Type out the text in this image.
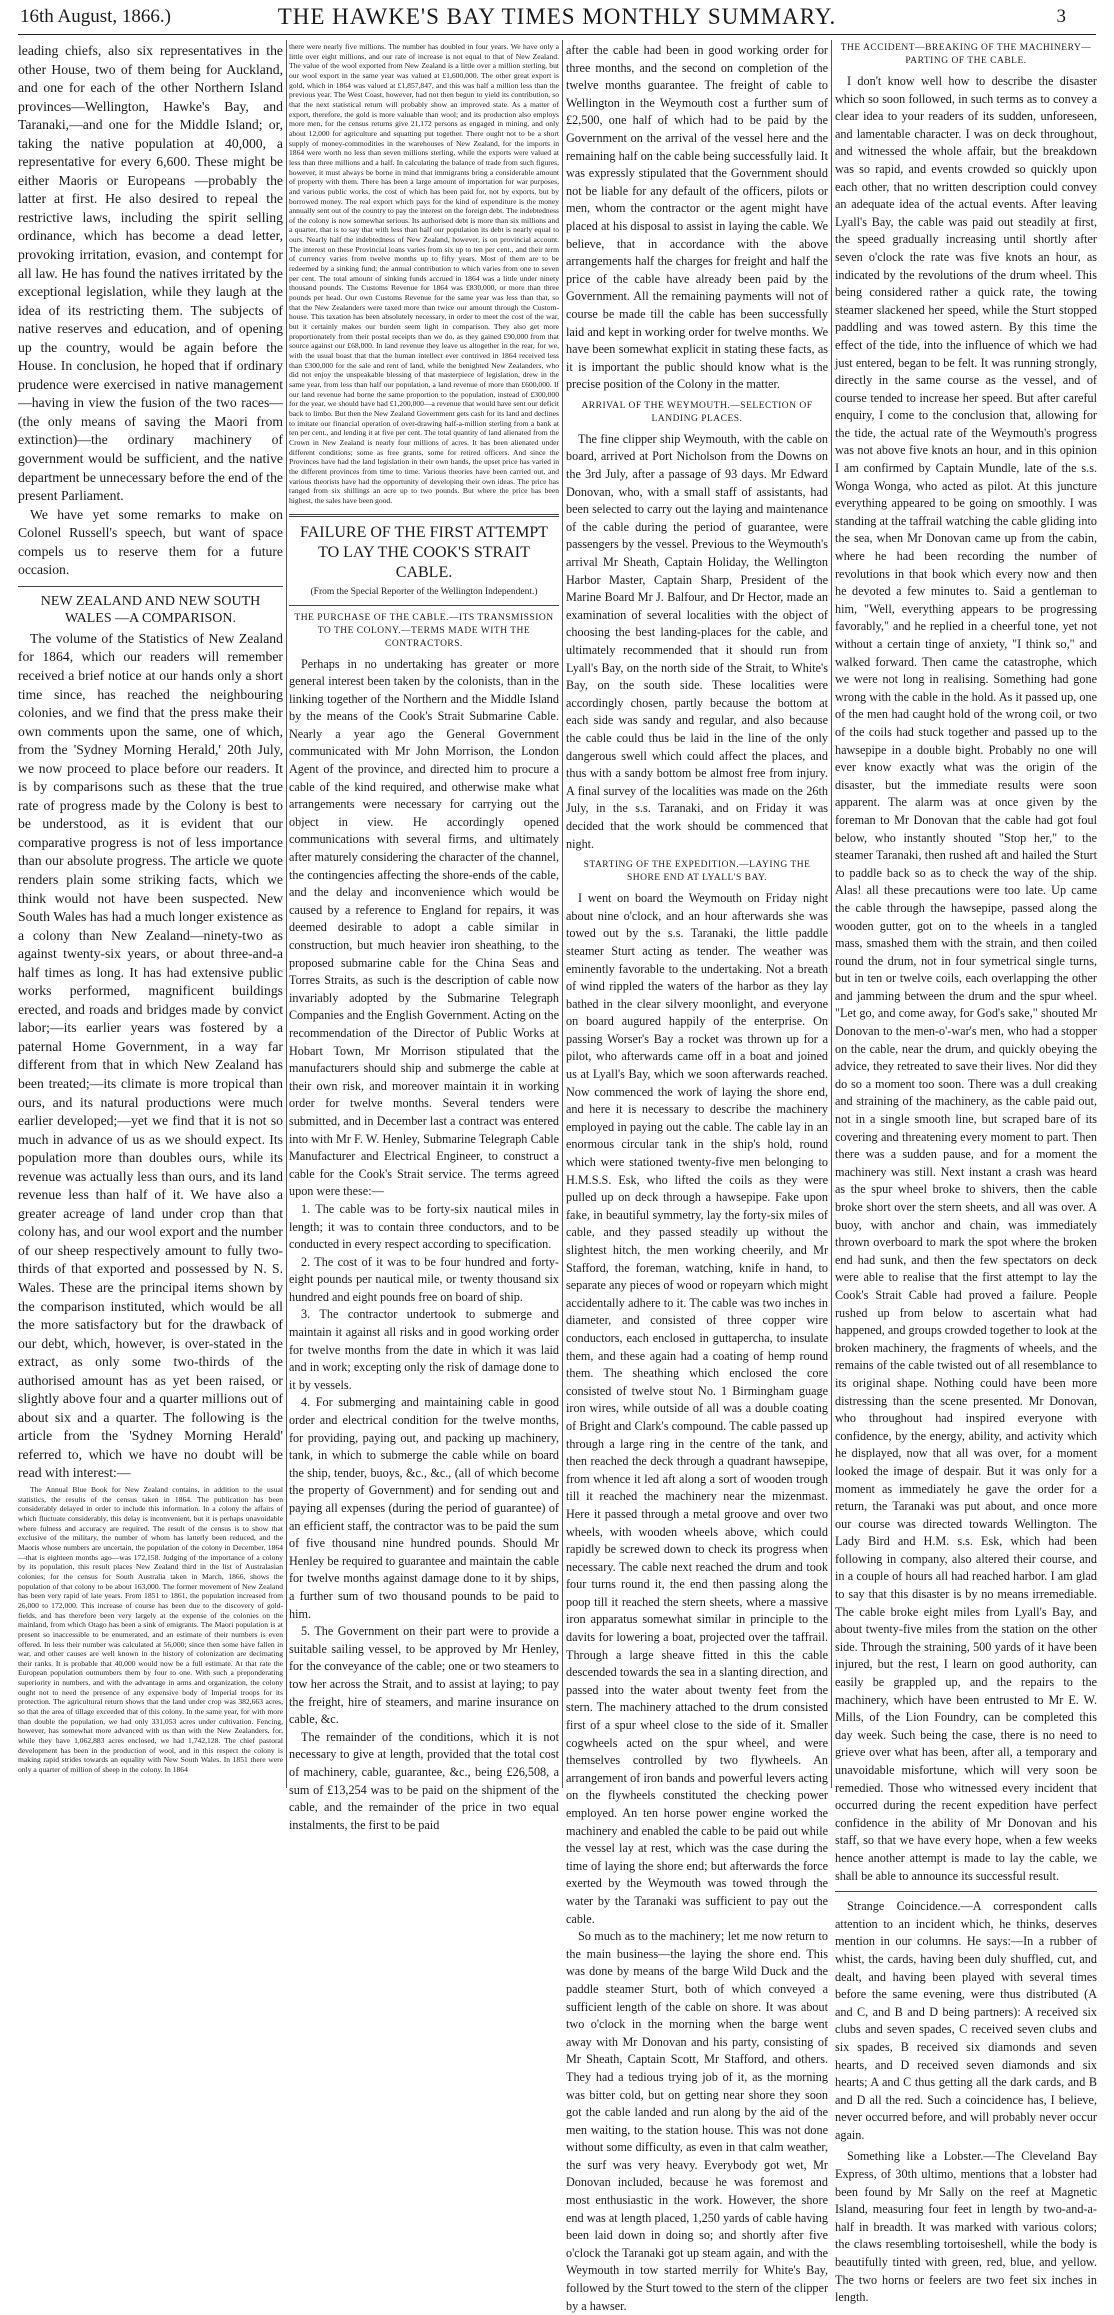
16th August, 1866.)	THE HAWKE'S BAY TIMES MONTHLY SUMMARY.	3

leading chiefs, also six representatives in the other House, two of them being for Auckland, and one for each of the other Northern Island provinces—Wellington, Hawke's Bay, and Taranaki,—and one for the Middle Island; or, taking the native population at 40,000, a representative for every 6,600. These might be either Maoris or Europeans —probably the latter at first. He also desired to repeal the restrictive laws, including the spirit selling ordinance, which has become a dead letter, provoking irritation, evasion, and contempt for all law. He has found the natives irritated by the exceptional legislation, while they laugh at the idea of its restricting them. The subjects of native reserves and education, and of opening up the country, would be again before the House. In conclusion, he hoped that if ordinary prudence were exercised in native management—having in view the fusion of the two races—(the only means of saving the Maori from extinction)—the ordinary machinery of government would be sufficient, and the native department be unnecessary before the end of the present Parliament.

We have yet some remarks to make on Colonel Russell's speech, but want of space compels us to reserve them for a future occasion.

NEW ZEALAND AND NEW SOUTH WALES —A COMPARISON.

The volume of the Statistics of New Zealand for 1864, which our readers will remember received a brief notice at our hands only a short time since, has reached the neighbouring colonies, and we find that the press make their own comments upon the same, one of which, from the 'Sydney Morning Herald,' 20th July, we now proceed to place before our readers. It is by comparisons such as these that the true rate of progress made by the Colony is best to be understood, as it is evident that our comparative progress is not of less importance than our absolute progress. The article we quote renders plain some striking facts, which we think would not have been suspected. New South Wales has had a much longer existence as a colony than New Zealand—ninety-two as against twenty-six years, or about three-and-a half times as long. It has had extensive public works performed, magnificent buildings erected, and roads and bridges made by convict labor;—its earlier years was fostered by a paternal Home Government, in a way far different from that in which New Zealand has been treated;—its climate is more tropical than ours, and its natural productions were much earlier developed;—yet we find that it is not so much in advance of us as we should expect. Its population more than doubles ours, while its revenue was actually less than ours, and its land revenue less than half of it. We have also a greater acreage of land under crop than that colony has, and our wool export and the number of our sheep respectively amount to fully two-thirds of that exported and possessed by N. S. Wales. These are the principal items shown by the comparison instituted, which would be all the more satisfactory but for the drawback of our debt, which, however, is over-stated in the extract, as only some two-thirds of the authorised amount has as yet been raised, or slightly above four and a quarter millions out of about six and a quarter. The following is the article from the 'Sydney Morning Herald' referred to, which we have no doubt will be read with interest:—

The Annual Blue Book for New Zealand contains, in addition to the usual statistics, the results of the census taken in 1864. The publication has been considerably delayed in order to include this information. In a colony the affairs of which fluctuate considerably, this delay is inconvenient, but it is perhaps unavoidable where fulness and accuracy are required. The result of the census is to show that exclusive of the military, the number of whom has latterly been reduced, and the Maoris whose numbers are uncertain, the population of the colony in December, 1864—that is eighteen months ago—was 172,158. Judging of the importance of a colony by its population, this result places New Zealand third in the list of Australasian colonies; for the census for South Australia taken in March, 1866, shows the population of that colony to be about 163,000. The former movement of New Zealand has been very rapid of late years. From 1851 to 1861, the population increased from 26,000 to 172,000. This increase of course has been due to the discovery of gold-fields, and has therefore been very largely at the expense of the colonies on the mainland, from which Otago has been a sink of emigrants. The Maori population is at present so inaccessible to be enumerated, and an estimate of their numbers is even offered. In less their number was calculated at 56,000; since then some have fallen in war, and other causes are well known in the history of colonization are decimating their ranks. It is probable that 40,000 would now be a full estimate. At that rate the European population outnumbers them by four to one. With such a preponderating superiority in numbers, and with the advantage in arms and organization, the colony ought not to need the presence of any expensive body of Imperial troops for its protection. The agricultural return shows that the land under crop was 382,663 acres, so that the area of tillage exceeded that of this colony. In the same year, for with more than double the population, we had only 331,053 acres under cultivation. Fencing, however, has somewhat more advanced with us than with the New Zealanders, for, while they have 1,062,883 acres enclosed, we had 1,742,128. The chief pastoral development has been in the production of wool, and in this respect the colony is making rapid strides towards an equality with New South Wales. In 1851 there were only a quarter of million of sheep in the colony. In 1864

there were nearly five millions. The number has doubled in four years. We have only a little over eight millions, and our rate of increase is not equal to that of New Zealand. The value of the wool exported from New Zealand is a little over a million sterling, but our wool export in the same year was valued at £1,600,000. The other great export is gold, which in 1864 was valued at £1,857,847, and this was half a million less than the previous year. The West Coast, however, had not then begun to yield its contribution, so that the next statistical return will probably show an improved state. As a matter of export, therefore, the gold is more valuable than wool; and its production also employs more men, for the census returns give 21,172 persons as engaged in mining, and only about 12,000 for agriculture and squatting put together. There ought not to be a short supply of money-commodities in the warehouses of New Zealand, for the imports in 1864 were worth no less than seven millions sterling, while the exports were valued at less than three millions and a half. In calculating the balance of trade from such figures, however, it must always be borne in mind that immigrants bring a considerable amount of property with them. There has been a large amount of importation for war purposes, and various public works, the cost of which has been paid for, not by exports, but by borrowed money. The real export which pays for the kind of expenditure is the money annually sent out of the country to pay the interest on the foreign debt. The indebtedness of the colony is now somewhat serious. Its authorised debt is more than six millions and a quarter, that is to say that with less than half our population its debt is nearly equal to ours. Nearly half the indebtedness of New Zealand, however, is on provincial account. The interest on these Provincial loans varies from six up to ten per cent., and their term of currency varies from twelve months up to fifty years. Most of them are to be redeemed by a sinking fund; the annual contribution to which varies from one to seven per cent. The total amount of sinking funds accrued in 1864 was a little under ninety thousand pounds. The Customs Revenue for 1864 was £830,000, or more than three pounds per head. Our own Customs Revenue for the same year was less than that, so that the New Zealanders were taxed more than twice our amount through the Custom-house. This taxation has been absolutely necessary, in order to meet the cost of the war, but it certainly makes our burden seem light in comparison. They also get more proportionately from their postal receipts than we do, as they gained £90,000 from that source against our £68,000. In land revenue they leave us altogether in the rear, for we, with the usual boast that that the human intellect ever contrived in 1864 received less than £300,000 for the sale and rent of land, while the benighted New Zealanders, who did not enjoy the unspeakable blessing of that masterpiece of legislation, drew in the same year, from less than half our population, a land revenue of more than £600,000. If our land revenue had borne the same proportion to the population, instead of £300,000 for the year, we should have had £1,200,000—a revenue that would have sent our deficit back to limbo. But then the New Zealand Government gets cash for its land and declines to imitate our financial operation of over-drawing half-a-million sterling from a bank at ten per cent., and lending it at five per cent. The total quantity of land alienated from the Crown in New Zealand is nearly four millions of acres. It has been alienated under different conditions; some as free grants, some for retired officers. And since the Provinces have had the land legislation in their own hands, the upset price has varied in the different provinces from time to time. Various theories have been carried out, and various theorists have had the opportunity of developing their own ideas. The price has ranged from six shillings an acre up to two pounds. But where the price has been highest, the sales have been good.

FAILURE OF THE FIRST ATTEMPT TO LAY THE COOK'S STRAIT CABLE.
(From the Special Reporter of the Wellington Independent.)
THE PURCHASE OF THE CABLE.—ITS TRANSMISSION TO THE COLONY.—TERMS MADE WITH THE CONTRACTORS.

Perhaps in no undertaking has greater or more general interest been taken by the colonists, than in the linking together of the Northern and the Middle Island by the means of the Cook's Strait Submarine Cable. Nearly a year ago the General Government communicated with Mr John Morrison, the London Agent of the province, and directed him to procure a cable of the kind required, and otherwise make what arrangements were necessary for carrying out the object in view. He accordingly opened communications with several firms, and ultimately after maturely considering the character of the channel, the contingencies affecting the shore-ends of the cable, and the delay and inconvenience which would be caused by a reference to England for repairs, it was deemed desirable to adopt a cable similar in construction, but much heavier iron sheathing, to the proposed submarine cable for the China Seas and Torres Straits, as such is the description of cable now invariably adopted by the Submarine Telegraph Companies and the English Government. Acting on the recommendation of the Director of Public Works at Hobart Town, Mr Morrison stipulated that the manufacturers should ship and submerge the cable at their own risk, and moreover maintain it in working order for twelve months. Several tenders were submitted, and in December last a contract was entered into with Mr F. W. Henley, Submarine Telegraph Cable Manufacturer and Electrical Engineer, to construct a cable for the Cook's Strait service. The terms agreed upon were these:—

1. The cable was to be forty-six nautical miles in length; it was to contain three conductors, and to be conducted in every respect according to specification.

2. The cost of it was to be four hundred and forty-eight pounds per nautical mile, or twenty thousand six hundred and eight pounds free on board of ship.

3. The contractor undertook to submerge and maintain it against all risks and in good working order for twelve months from the date in which it was laid and in work; excepting only the risk of damage done to it by vessels.

4. For submerging and maintaining cable in good order and electrical condition for the twelve months, for providing, paying out, and packing up machinery, tank, in which to submerge the cable while on board the ship, tender, buoys, &c., &c., (all of which become the property of Government) and for sending out and paying all expenses (during the period of guarantee) of an efficient staff, the contractor was to be paid the sum of five thousand nine hundred pounds. Should Mr Henley be required to guarantee and maintain the cable for twelve months against damage done to it by ships, a further sum of two thousand pounds to be paid to him.

5. The Government on their part were to provide a suitable sailing vessel, to be approved by Mr Henley, for the conveyance of the cable; one or two steamers to tow her across the Strait, and to assist at laying; to pay the freight, hire of steamers, and marine insurance on cable, &c.

The remainder of the conditions, which it is not necessary to give at length, provided that the total cost of machinery, cable, guarantee, &c., being £26,508, a sum of £13,254 was to be paid on the shipment of the cable, and the remainder of the price in two equal instalments, the first to be paid

after the cable had been in good working order for three months, and the second on completion of the twelve months guarantee. The freight of cable to Wellington in the Weymouth cost a further sum of £2,500, one half of which had to be paid by the Government on the arrival of the vessel here and the remaining half on the cable being successfully laid. It was expressly stipulated that the Government should not be liable for any default of the officers, pilots or men, whom the contractor or the agent might have placed at his disposal to assist in laying the cable. We believe, that in accordance with the above arrangements half the charges for freight and half the price of the cable have already been paid by the Government. All the remaining payments will not of course be made till the cable has been successfully laid and kept in working order for twelve months. We have been somewhat explicit in stating these facts, as it is important the public should know what is the precise position of the Colony in the matter.

ARRIVAL OF THE WEYMOUTH.—SELECTION OF LANDING PLACES.

The fine clipper ship Weymouth, with the cable on board, arrived at Port Nicholson from the Downs on the 3rd July, after a passage of 93 days. Mr Edward Donovan, who, with a small staff of assistants, had been selected to carry out the laying and maintenance of the cable during the period of guarantee, were passengers by the vessel. Previous to the Weymouth's arrival Mr Sheath, Captain Holiday, the Wellington Harbor Master, Captain Sharp, President of the Marine Board Mr J. Balfour, and Dr Hector, made an examination of several localities with the object of choosing the best landing-places for the cable, and ultimately recommended that it should run from Lyall's Bay, on the north side of the Strait, to White's Bay, on the south side. These localities were accordingly chosen, partly because the bottom at each side was sandy and regular, and also because the cable could thus be laid in the line of the only dangerous swell which could affect the places, and thus with a sandy bottom be almost free from injury. A final survey of the localities was made on the 26th July, in the s.s. Taranaki, and on Friday it was decided that the work should be commenced that night.

STARTING OF THE EXPEDITION.—LAYING THE SHORE END AT LYALL'S BAY.

I went on board the Weymouth on Friday night about nine o'clock, and an hour afterwards she was towed out by the s.s. Taranaki, the little paddle steamer Sturt acting as tender. The weather was eminently favorable to the undertaking. Not a breath of wind rippled the waters of the harbor as they lay bathed in the clear silvery moonlight, and everyone on board augured happily of the enterprise. On passing Worser's Bay a rocket was thrown up for a pilot, who afterwards came off in a boat and joined us at Lyall's Bay, which we soon afterwards reached. Now commenced the work of laying the shore end, and here it is necessary to describe the machinery employed in paying out the cable. The cable lay in an enormous circular tank in the ship's hold, round which were stationed twenty-five men belonging to H.M.S.S. Esk, who lifted the coils as they were pulled up on deck through a hawsepipe. Fake upon fake, in beautiful symmetry, lay the forty-six miles of cable, and they passed steadily up without the slightest hitch, the men working cheerily, and Mr Stafford, the foreman, watching, knife in hand, to separate any pieces of wood or ropeyarn which might accidentally adhere to it. The cable was two inches in diameter, and consisted of three copper wire conductors, each enclosed in guttapercha, to insulate them, and these again had a coating of hemp round them. The sheathing which enclosed the core consisted of twelve stout No. 1 Birmingham guage iron wires, while outside of all was a double coating of Bright and Clark's compound. The cable passed up through a large ring in the centre of the tank, and then reached the deck through a quadrant hawsepipe, from whence it led aft along a sort of wooden trough till it reached the machinery near the mizenmast. Here it passed through a metal groove and over two wheels, with wooden wheels above, which could rapidly be screwed down to check its progress when necessary. The cable next reached the drum and took four turns round it, the end then passing along the poop till it reached the stern sheets, where a massive iron apparatus somewhat similar in principle to the davits for lowering a boat, projected over the taffrail. Through a large sheave fitted in this the cable descended towards the sea in a slanting direction, and passed into the water about twenty feet from the stern. The machinery attached to the drum consisted first of a spur wheel close to the side of it. Smaller cogwheels acted on the spur wheel, and were themselves controlled by two flywheels. An arrangement of iron bands and powerful levers acting on the flywheels constituted the checking power employed. An ten horse power engine worked the machinery and enabled the cable to be paid out while the vessel lay at rest, which was the case during the time of laying the shore end; but afterwards the force exerted by the Weymouth was towed through the water by the Taranaki was sufficient to pay out the cable.

So much as to the machinery; let me now return to the main business—the laying the shore end. This was done by means of the barge Wild Duck and the paddle steamer Sturt, both of which conveyed a sufficient length of the cable on shore. It was about two o'clock in the morning when the barge went away with Mr Donovan and his party, consisting of Mr Sheath, Captain Scott, Mr Stafford, and others. They had a tedious trying job of it, as the morning was bitter cold, but on getting near shore they soon got the cable landed and run along by the aid of the men waiting, to the station house. This was not done without some difficulty, as even in that calm weather, the surf was very heavy. Everybody got wet, Mr Donovan included, because he was foremost and most enthusiastic in the work. However, the shore end was at length placed, 1,250 yards of cable having been laid down in doing so; and shortly after five o'clock the Taranaki got up steam again, and with the Weymouth in tow started merrily for White's Bay, followed by the Sturt towed to the stern of the clipper by a hawser.

THE ACCIDENT—BREAKING OF THE MACHINERY—PARTING OF THE CABLE.

I don't know well how to describe the disaster which so soon followed, in such terms as to convey a clear idea to your readers of its sudden, unforeseen, and lamentable character. I was on deck throughout, and witnessed the whole affair, but the breakdown was so rapid, and events crowded so quickly upon each other, that no written description could convey an adequate idea of the actual events. After leaving Lyall's Bay, the cable was paid out steadily at first, the speed gradually increasing until shortly after seven o'clock the rate was five knots an hour, as indicated by the revolutions of the drum wheel. This being considered rather a quick rate, the towing steamer slackened her speed, while the Sturt stopped paddling and was towed astern. By this time the effect of the tide, into the influence of which we had just entered, began to be felt. It was running strongly, directly in the same course as the vessel, and of course tended to increase her speed. But after careful enquiry, I come to the conclusion that, allowing for the tide, the actual rate of the Weymouth's progress was not above five knots an hour, and in this opinion I am confirmed by Captain Mundle, late of the s.s. Wonga Wonga, who acted as pilot. At this juncture everything appeared to be going on smoothly. I was standing at the taffrail watching the cable gliding into the sea, when Mr Donovan came up from the cabin, where he had been recording the number of revolutions in that book which every now and then he devoted a few minutes to. Said a gentleman to him, "Well, everything appears to be progressing favorably," and he replied in a cheerful tone, yet not without a certain tinge of anxiety, "I think so," and walked forward. Then came the catastrophe, which we were not long in realising. Something had gone wrong with the cable in the hold. As it passed up, one of the men had caught hold of the wrong coil, or two of the coils had stuck together and passed up to the hawsepipe in a double bight. Probably no one will ever know exactly what was the origin of the disaster, but the immediate results were soon apparent. The alarm was at once given by the foreman to Mr Donovan that the cable had got foul below, who instantly shouted "Stop her," to the steamer Taranaki, then rushed aft and hailed the Sturt to paddle back so as to check the way of the ship. Alas! all these precautions were too late. Up came the cable through the hawsepipe, passed along the wooden gutter, got on to the wheels in a tangled mass, smashed them with the strain, and then coiled round the drum, not in four symetrical single turns, but in ten or twelve coils, each overlapping the other and jamming between the drum and the spur wheel. "Let go, and come away, for God's sake," shouted Mr Donovan to the men-o'-war's men, who had a stopper on the cable, near the drum, and quickly obeying the advice, they retreated to save their lives. Nor did they do so a moment too soon. There was a dull creaking and straining of the machinery, as the cable paid out, not in a single smooth line, but scraped bare of its covering and threatening every moment to part. Then there was a sudden pause, and for a moment the machinery was still. Next instant a crash was heard as the spur wheel broke to shivers, then the cable broke short over the stern sheets, and all was over. A buoy, with anchor and chain, was immediately thrown overboard to mark the spot where the broken end had sunk, and then the few spectators on deck were able to realise that the first attempt to lay the Cook's Strait Cable had proved a failure. People rushed up from below to ascertain what had happened, and groups crowded together to look at the broken machinery, the fragments of wheels, and the remains of the cable twisted out of all resemblance to its original shape. Nothing could have been more distressing than the scene presented. Mr Donovan, who throughout had inspired everyone with confidence, by the energy, ability, and activity which he displayed, now that all was over, for a moment looked the image of despair. But it was only for a moment as immediately he gave the order for a return, the Taranaki was put about, and once more our course was directed towards Wellington. The Lady Bird and H.M. s.s. Esk, which had been following in company, also altered their course, and in a couple of hours all had reached harbor. I am glad to say that this disaster is by no means irremediable. The cable broke eight miles from Lyall's Bay, and about twenty-five miles from the station on the other side. Through the straining, 500 yards of it have been injured, but the rest, I learn on good authority, can easily be grappled up, and the repairs to the machinery, which have been entrusted to Mr E. W. Mills, of the Lion Foundry, can be completed this day week. Such being the case, there is no need to grieve over what has been, after all, a temporary and unavoidable misfortune, which will very soon be remedied. Those who witnessed every incident that occurred during the recent expedition have perfect confidence in the ability of Mr Donovan and his staff, so that we have every hope, when a few weeks hence another attempt is made to lay the cable, we shall be able to announce its successful result.

Strange Coincidence.—A correspondent calls attention to an incident which, he thinks, deserves mention in our columns. He says:—In a rubber of whist, the cards, having been duly shuffled, cut, and dealt, and having been played with several times before the same evening, were thus distributed (A and C, and B and D being partners): A received six clubs and seven spades, C received seven clubs and six spades, B received six diamonds and seven hearts, and D received seven diamonds and six hearts; A and C thus getting all the dark cards, and B and D all the red. Such a coincidence has, I believe, never occurred before, and will probably never occur again.

Something like a Lobster.—The Cleveland Bay Express, of 30th ultimo, mentions that a lobster had been found by Mr Sally on the reef at Magnetic Island, measuring four feet in length by two-and-a-half in breadth. It was marked with various colors; the claws resembling tortoiseshell, while the body is beautifully tinted with green, red, blue, and yellow. The two horns or feelers are two feet six inches in length.
